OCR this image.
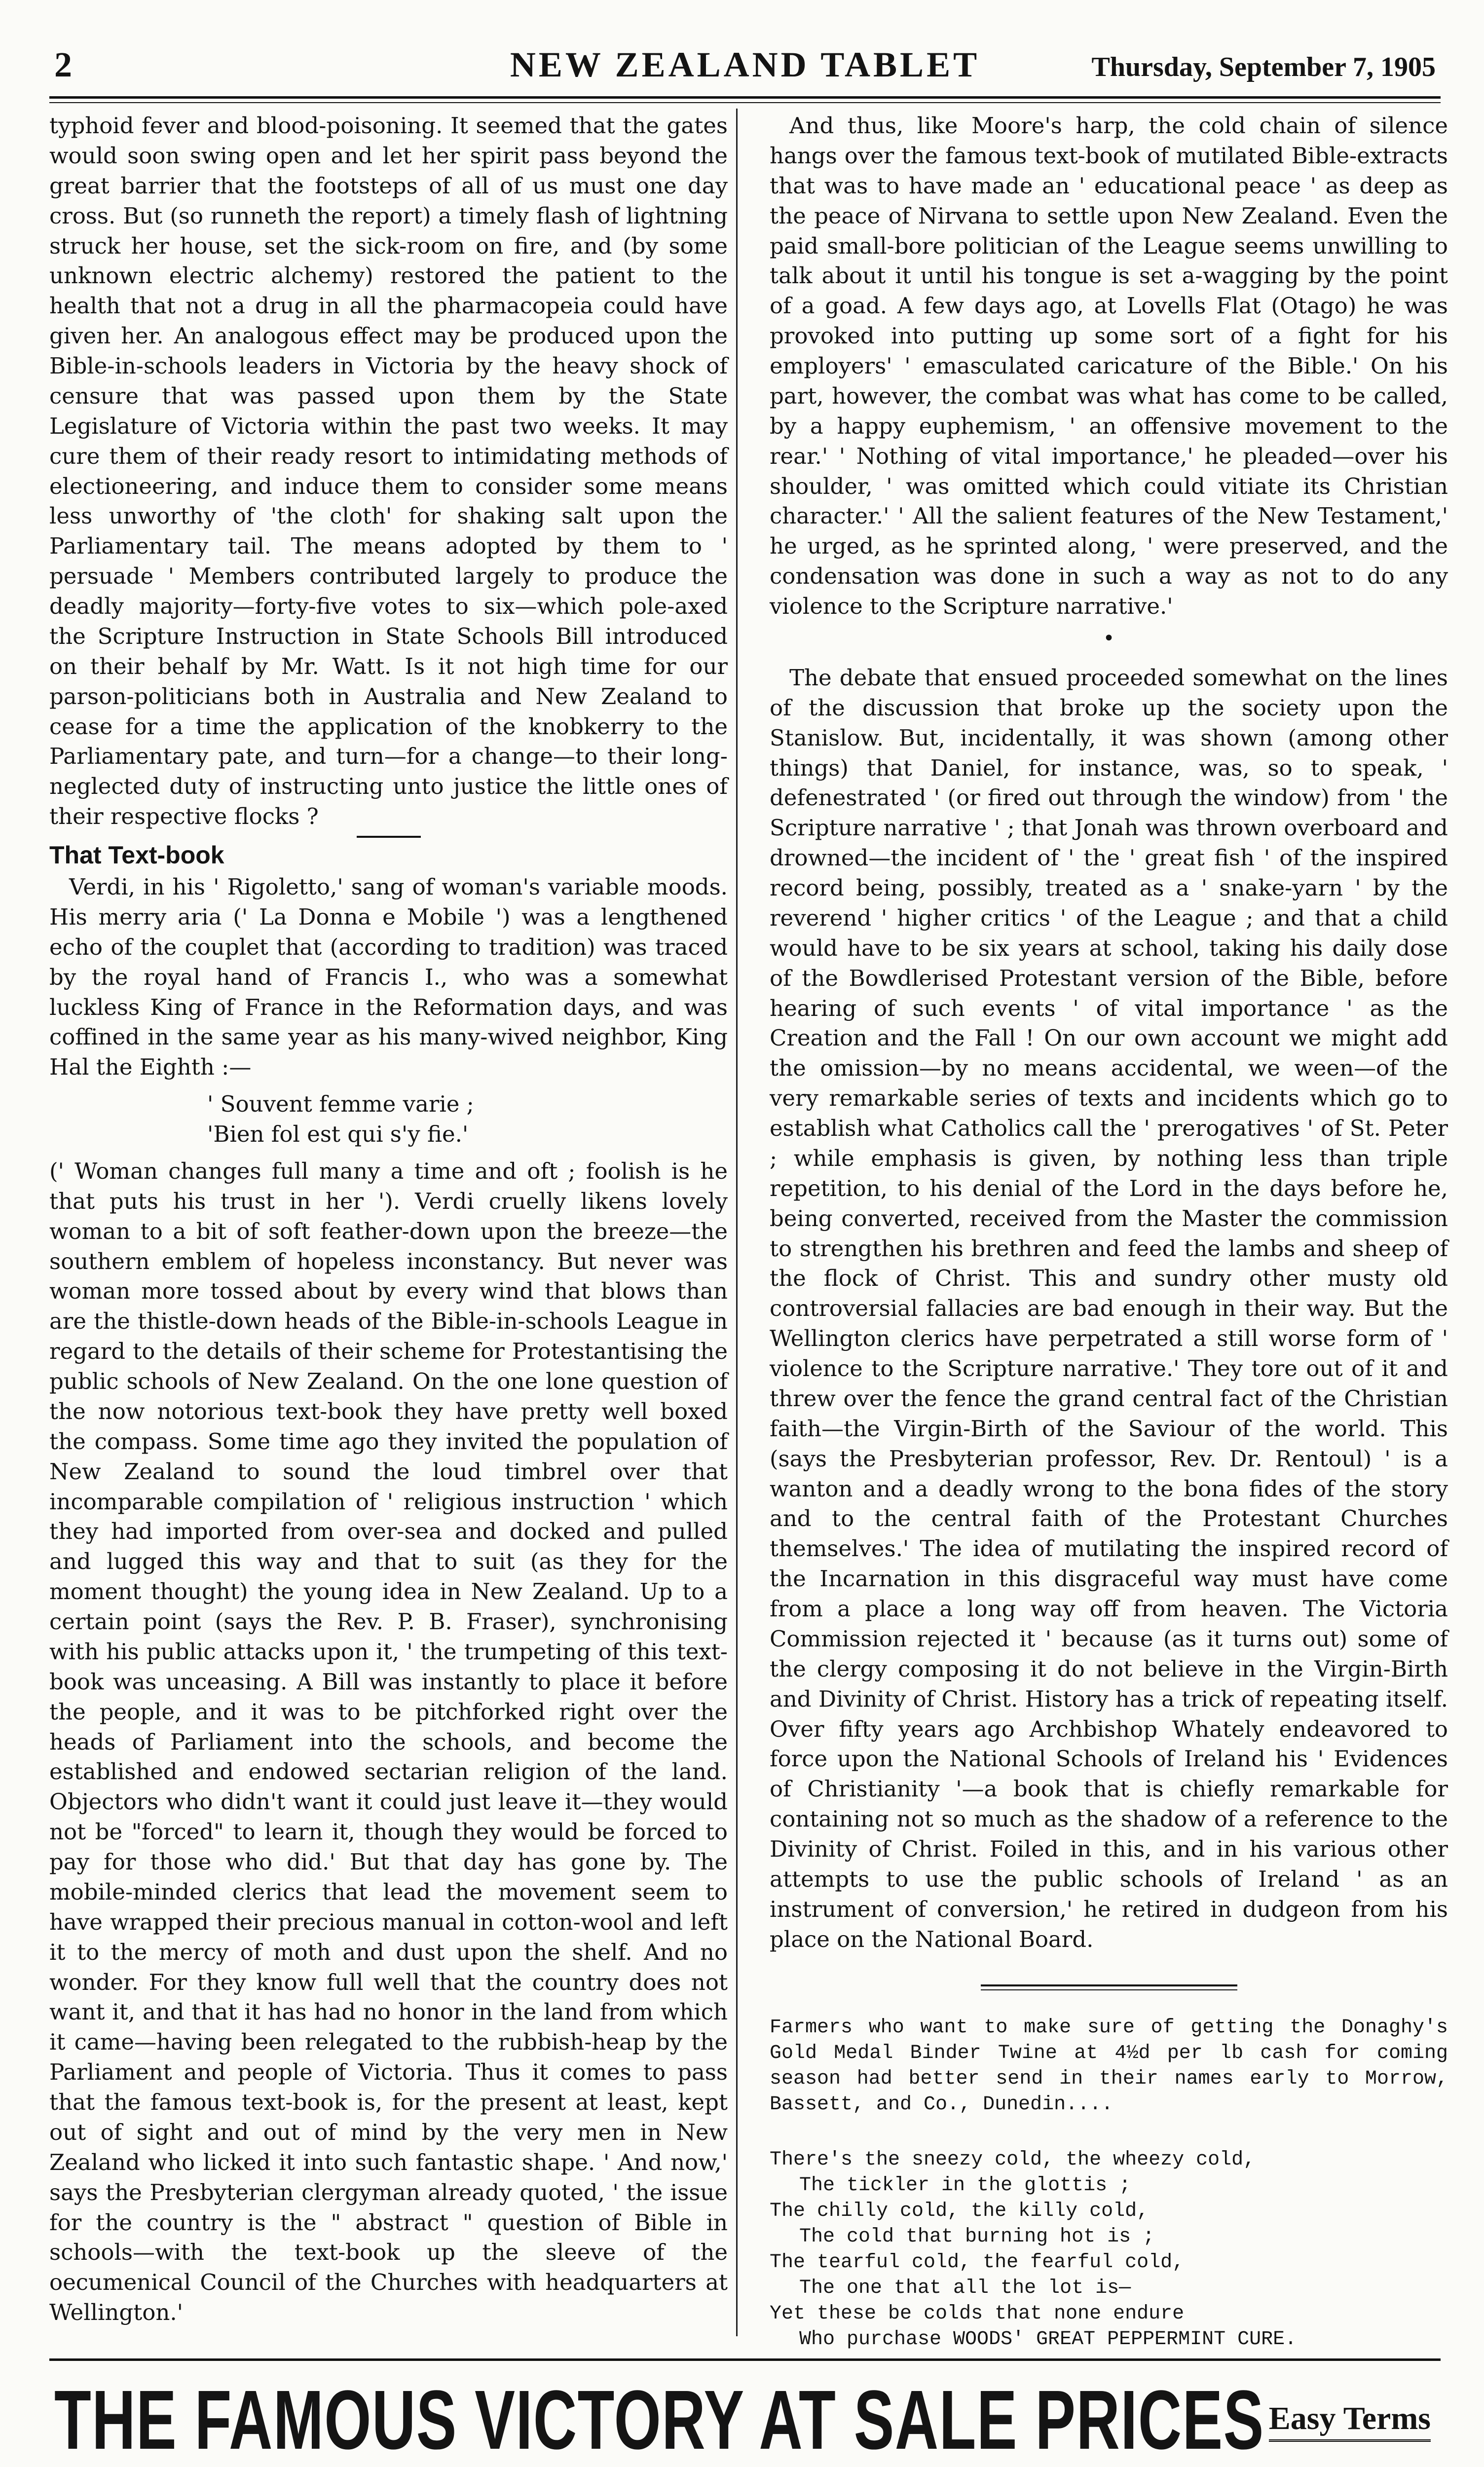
2	NEW ZEALAND TABLET	Thursday, September 7, 1905

typhoid fever and blood-poisoning. It seemed that the gates would soon swing open and let her spirit pass beyond the great barrier that the footsteps of all of us must one day cross. But (so runneth the report) a timely flash of lightning struck her house, set the sick-room on fire, and (by some unknown electric alchemy) restored the patient to the health that not a drug in all the pharmacopeia could have given her. An analogous effect may be produced upon the Bible-in-schools leaders in Victoria by the heavy shock of censure that was passed upon them by the State Legislature of Victoria within the past two weeks. It may cure them of their ready resort to intimidating methods of electioneering, and induce them to consider some means less unworthy of 'the cloth' for shaking salt upon the Parliamentary tail. The means adopted by them to ' persuade ' Members contributed largely to produce the deadly majority—forty-five votes to six—which pole-axed the Scripture Instruction in State Schools Bill introduced on their behalf by Mr. Watt. Is it not high time for our parson-politicians both in Australia and New Zealand to cease for a time the application of the knobkerry to the Parliamentary pate, and turn—for a change—to their long-neglected duty of instructing unto justice the little ones of their respective flocks ?

That Text-book

Verdi, in his ' Rigoletto,' sang of woman's variable moods. His merry aria (' La Donna e Mobile ') was a lengthened echo of the couplet that (according to tradition) was traced by the royal hand of Francis I., who was a somewhat luckless King of France in the Reformation days, and was coffined in the same year as his many-wived neighbor, King Hal the Eighth :—

' Souvent femme varie ;
'Bien fol est qui s'y fie.'

(' Woman changes full many a time and oft ; foolish is he that puts his trust in her '). Verdi cruelly likens lovely woman to a bit of soft feather-down upon the breeze—the southern emblem of hopeless inconstancy. But never was woman more tossed about by every wind that blows than are the thistle-down heads of the Bible-in-schools League in regard to the details of their scheme for Protestantising the public schools of New Zealand. On the one lone question of the now notorious text-book they have pretty well boxed the compass. Some time ago they invited the population of New Zealand to sound the loud timbrel over that incomparable compilation of ' religious instruction ' which they had imported from over-sea and docked and pulled and lugged this way and that to suit (as they for the moment thought) the young idea in New Zealand. Up to a certain point (says the Rev. P. B. Fraser), synchronising with his public attacks upon it, ' the trumpeting of this text-book was unceasing. A Bill was instantly to place it before the people, and it was to be pitchforked right over the heads of Parliament into the schools, and become the established and endowed sectarian religion of the land. Objectors who didn't want it could just leave it—they would not be "forced" to learn it, though they would be forced to pay for those who did.' But that day has gone by. The mobile-minded clerics that lead the movement seem to have wrapped their precious manual in cotton-wool and left it to the mercy of moth and dust upon the shelf. And no wonder. For they know full well that the country does not want it, and that it has had no honor in the land from which it came—having been relegated to the rubbish-heap by the Parliament and people of Victoria. Thus it comes to pass that the famous text-book is, for the present at least, kept out of sight and out of mind by the very men in New Zealand who licked it into such fantastic shape. ' And now,' says the Presbyterian clergyman already quoted, ' the issue for the country is the " abstract " question of Bible in schools—with the text-book up the sleeve of the oecumenical Council of the Churches with headquarters at Wellington.'

And thus, like Moore's harp, the cold chain of silence hangs over the famous text-book of mutilated Bible-extracts that was to have made an ' educational peace ' as deep as the peace of Nirvana to settle upon New Zealand. Even the paid small-bore politician of the League seems unwilling to talk about it until his tongue is set a-wagging by the point of a goad. A few days ago, at Lovells Flat (Otago) he was provoked into putting up some sort of a fight for his employers' ' emasculated caricature of the Bible.' On his part, however, the combat was what has come to be called, by a happy euphemism, ' an offensive movement to the rear.' ' Nothing of vital importance,' he pleaded—over his shoulder, ' was omitted which could vitiate its Christian character.' ' All the salient features of the New Testament,' he urged, as he sprinted along, ' were preserved, and the condensation was done in such a way as not to do any violence to the Scripture narrative.'

•

The debate that ensued proceeded somewhat on the lines of the discussion that broke up the society upon the Stanislow. But, incidentally, it was shown (among other things) that Daniel, for instance, was, so to speak, ' defenestrated ' (or fired out through the window) from ' the Scripture narrative ' ; that Jonah was thrown overboard and drowned—the incident of ' the ' great fish ' of the inspired record being, possibly, treated as a ' snake-yarn ' by the reverend ' higher critics ' of the League ; and that a child would have to be six years at school, taking his daily dose of the Bowdlerised Protestant version of the Bible, before hearing of such events ' of vital importance ' as the Creation and the Fall ! On our own account we might add the omission—by no means accidental, we ween—of the very remarkable series of texts and incidents which go to establish what Catholics call the ' prerogatives ' of St. Peter ; while emphasis is given, by nothing less than triple repetition, to his denial of the Lord in the days before he, being converted, received from the Master the commission to strengthen his brethren and feed the lambs and sheep of the flock of Christ. This and sundry other musty old controversial fallacies are bad enough in their way. But the Wellington clerics have perpetrated a still worse form of ' violence to the Scripture narrative.' They tore out of it and threw over the fence the grand central fact of the Christian faith—the Virgin-Birth of the Saviour of the world. This (says the Presbyterian professor, Rev. Dr. Rentoul) ' is a wanton and a deadly wrong to the bona fides of the story and to the central faith of the Protestant Churches themselves.' The idea of mutilating the inspired record of the Incarnation in this disgraceful way must have come from a place a long way off from heaven. The Victoria Commission rejected it ' because (as it turns out) some of the clergy composing it do not believe in the Virgin-Birth and Divinity of Christ. History has a trick of repeating itself. Over fifty years ago Archbishop Whately endeavored to force upon the National Schools of Ireland his ' Evidences of Christianity '—a book that is chiefly remarkable for containing not so much as the shadow of a reference to the Divinity of Christ. Foiled in this, and in his various other attempts to use the public schools of Ireland ' as an instrument of conversion,' he retired in dudgeon from his place on the National Board.

Farmers who want to make sure of getting the Donaghy's Gold Medal Binder Twine at 4½d per lb cash for coming season had better send in their names early to Morrow, Bassett, and Co., Dunedin....

There's the sneezy cold, the wheezy cold,
The tickler in the glottis ;
The chilly cold, the killy cold,
The cold that burning hot is ;
The tearful cold, the fearful cold,
The one that all the lot is—
Yet these be colds that none endure
Who purchase WOODS' GREAT PEPPERMINT CURE.
THE FAMOUS VICTORY AT SALE PRICES Easy Terms
